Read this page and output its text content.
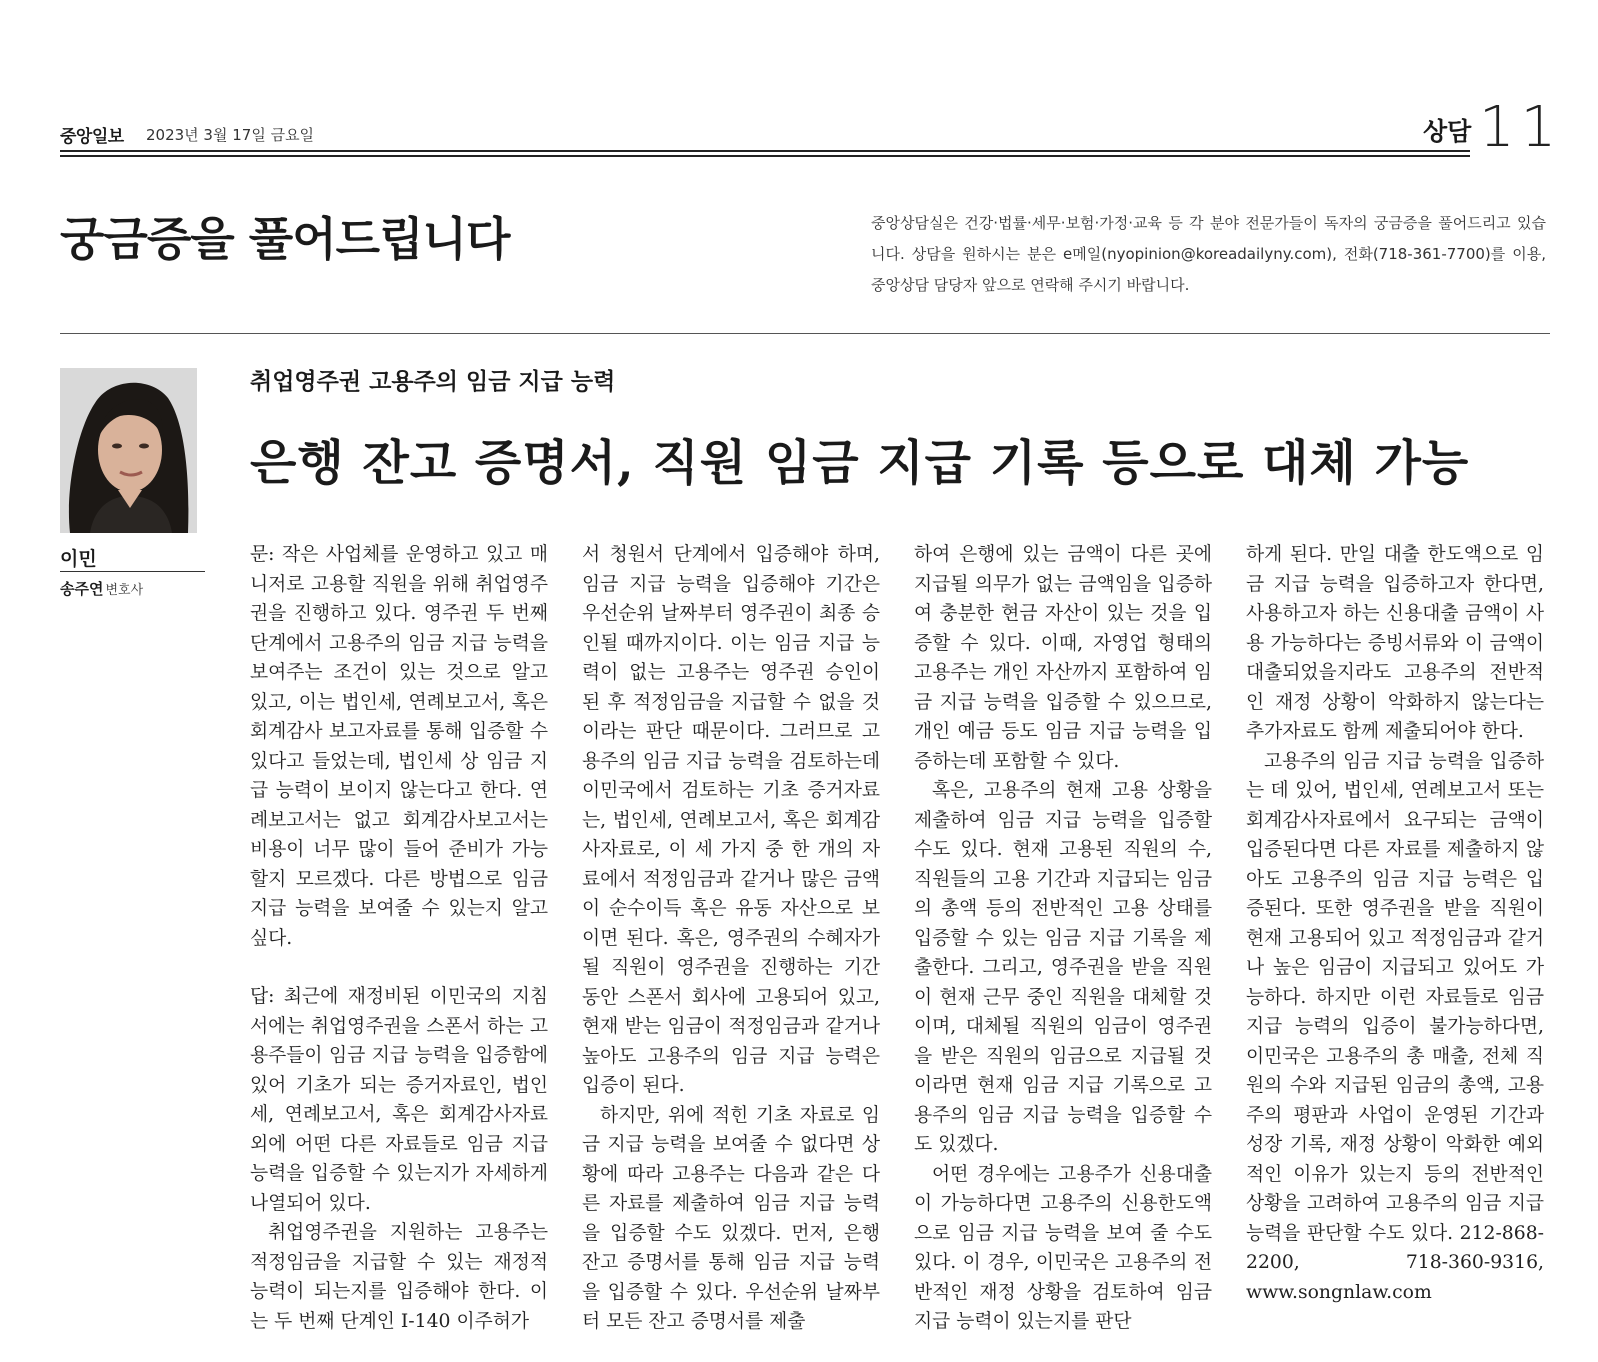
중앙일보 2023년 3월 17일 금요일	상담 11
궁금증을 풀어드립니다	중앙상담실은 건강·법률·세무·보험·가정·교육 등 각 분야 전문가들이 독자의 궁금증을 풀어드리고 있습니다. 상담을 원하시는 분은 e메일(nyopinion@koreadailyny.com), 전화(718-361-7700)를 이용, 중앙상담 담당자 앞으로 연락해 주시기 바랍니다.
이민
송주연 변호사
취업영주권 고용주의 임금 지급 능력
은행 잔고 증명서, 직원 임금 지급 기록 등으로 대체 가능

문: 작은 사업체를 운영하고 있고 매니저로 고용할 직원을 위해 취업영주권을 진행하고 있다. 영주권 두 번째 단계에서 고용주의 임금 지급 능력을 보여주는 조건이 있는 것으로 알고 있고, 이는 법인세, 연례보고서, 혹은 회계감사 보고자료를 통해 입증할 수 있다고 들었는데, 법인세 상 임금 지급 능력이 보이지 않는다고 한다. 연례보고서는 없고 회계감사보고서는 비용이 너무 많이 들어 준비가 가능할지 모르겠다. 다른 방법으로 임금 지급 능력을 보여줄 수 있는지 알고 싶다.

답: 최근에 재정비된 이민국의 지침서에는 취업영주권을 스폰서 하는 고용주들이 임금 지급 능력을 입증함에 있어 기초가 되는 증거자료인, 법인세, 연례보고서, 혹은 회계감사자료 외에 어떤 다른 자료들로 임금 지급 능력을 입증할 수 있는지가 자세하게 나열되어 있다.

취업영주권을 지원하는 고용주는 적정임금을 지급할 수 있는 재정적 능력이 되는지를 입증해야 한다. 이는 두 번째 단계인 I-140 이주허가

서 청원서 단계에서 입증해야 하며, 임금 지급 능력을 입증해야 기간은 우선순위 날짜부터 영주권이 최종 승인될 때까지이다. 이는 임금 지급 능력이 없는 고용주는 영주권 승인이 된 후 적정임금을 지급할 수 없을 것이라는 판단 때문이다. 그러므로 고용주의 임금 지급 능력을 검토하는데 이민국에서 검토하는 기초 증거자료는, 법인세, 연례보고서, 혹은 회계감사자료로, 이 세 가지 중 한 개의 자료에서 적정임금과 같거나 많은 금액이 순수이득 혹은 유동 자산으로 보이면 된다. 혹은, 영주권의 수혜자가 될 직원이 영주권을 진행하는 기간 동안 스폰서 회사에 고용되어 있고, 현재 받는 임금이 적정임금과 같거나 높아도 고용주의 임금 지급 능력은 입증이 된다.

하지만, 위에 적힌 기초 자료로 임금 지급 능력을 보여줄 수 없다면 상황에 따라 고용주는 다음과 같은 다른 자료를 제출하여 임금 지급 능력을 입증할 수도 있겠다. 먼저, 은행 잔고 증명서를 통해 임금 지급 능력을 입증할 수 있다. 우선순위 날짜부터 모든 잔고 증명서를 제출

하여 은행에 있는 금액이 다른 곳에 지급될 의무가 없는 금액임을 입증하여 충분한 현금 자산이 있는 것을 입증할 수 있다. 이때, 자영업 형태의 고용주는 개인 자산까지 포함하여 임금 지급 능력을 입증할 수 있으므로, 개인 예금 등도 임금 지급 능력을 입증하는데 포함할 수 있다.

혹은, 고용주의 현재 고용 상황을 제출하여 임금 지급 능력을 입증할 수도 있다. 현재 고용된 직원의 수, 직원들의 고용 기간과 지급되는 임금의 총액 등의 전반적인 고용 상태를 입증할 수 있는 임금 지급 기록을 제출한다. 그리고, 영주권을 받을 직원이 현재 근무 중인 직원을 대체할 것이며, 대체될 직원의 임금이 영주권을 받은 직원의 임금으로 지급될 것이라면 현재 임금 지급 기록으로 고용주의 임금 지급 능력을 입증할 수도 있겠다.

어떤 경우에는 고용주가 신용대출이 가능하다면 고용주의 신용한도액으로 임금 지급 능력을 보여 줄 수도 있다. 이 경우, 이민국은 고용주의 전반적인 재정 상황을 검토하여 임금 지급 능력이 있는지를 판단

하게 된다. 만일 대출 한도액으로 임금 지급 능력을 입증하고자 한다면, 사용하고자 하는 신용대출 금액이 사용 가능하다는 증빙서류와 이 금액이 대출되었을지라도 고용주의 전반적인 재정 상황이 악화하지 않는다는 추가자료도 함께 제출되어야 한다.

고용주의 임금 지급 능력을 입증하는 데 있어, 법인세, 연례보고서 또는 회계감사자료에서 요구되는 금액이 입증된다면 다른 자료를 제출하지 않아도 고용주의 임금 지급 능력은 입증된다. 또한 영주권을 받을 직원이 현재 고용되어 있고 적정임금과 같거나 높은 임금이 지급되고 있어도 가능하다. 하지만 이런 자료들로 임금 지급 능력의 입증이 불가능하다면, 이민국은 고용주의 총 매출, 전체 직원의 수와 지급된 임금의 총액, 고용주의 평판과 사업이 운영된 기간과 성장 기록, 재정 상황이 악화한 예외적인 이유가 있는지 등의 전반적인 상황을 고려하여 고용주의 임금 지급 능력을 판단할 수도 있다. 212-868-2200, 718-360-9316, www.songnlaw.com
